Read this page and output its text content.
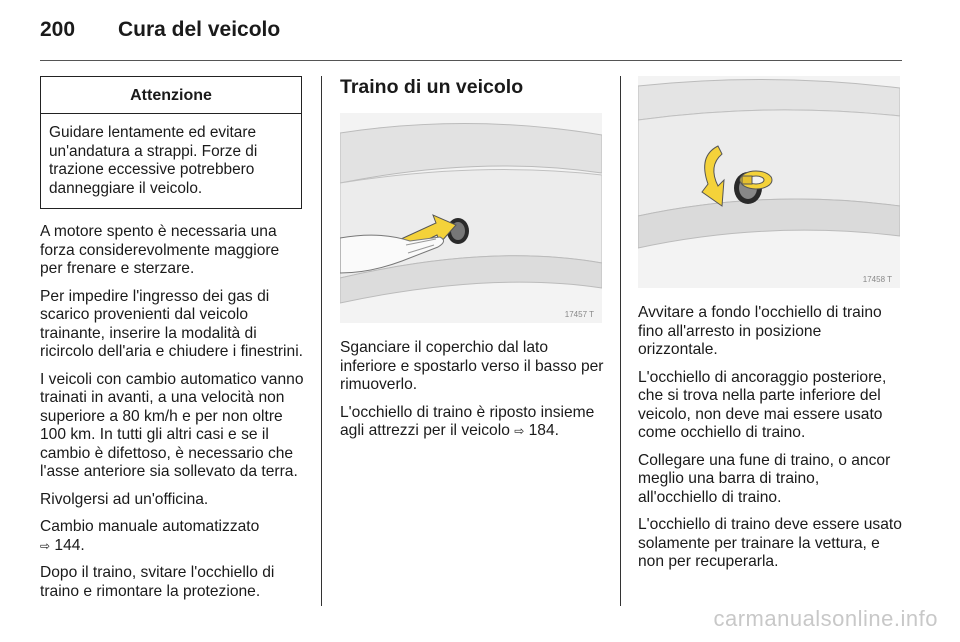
200 Cura del veicolo
Attenzione
Guidare lentamente ed evitare un'andatura a strappi. Forze di trazione eccessive potrebbero danneggiare il veicolo.

A motore spento è necessaria una forza considerevolmente maggiore per frenare e sterzare.

Per impedire l'ingresso dei gas di scarico provenienti dal veicolo trainante, inserire la modalità di ricircolo dell'aria e chiudere i finestrini.

I veicoli con cambio automatico vanno trainati in avanti, a una velocità non superiore a 80 km/h e per non oltre 100 km. In tutti gli altri casi e se il cambio è difettoso, è necessario che l'asse anteriore sia sollevato da terra.

Rivolgersi ad un'officina.

Cambio manuale automatizzato
⇨ 144.

Dopo il traino, svitare l'occhiello di traino e rimontare la protezione.

Traino di un veicolo
17457 T

Sganciare il coperchio dal lato inferiore e spostarlo verso il basso per rimuoverlo.

L'occhiello di traino è riposto insieme agli attrezzi per il veicolo ⇨ 184.

17458 T

Avvitare a fondo l'occhiello di traino fino all'arresto in posizione orizzontale.

L'occhiello di ancoraggio posteriore, che si trova nella parte inferiore del veicolo, non deve mai essere usato come occhiello di traino.

Collegare una fune di traino, o ancor meglio una barra di traino, all'occhiello di traino.

L'occhiello di traino deve essere usato solamente per trainare la vettura, e non per recuperarla.

carmanualsonline.info
